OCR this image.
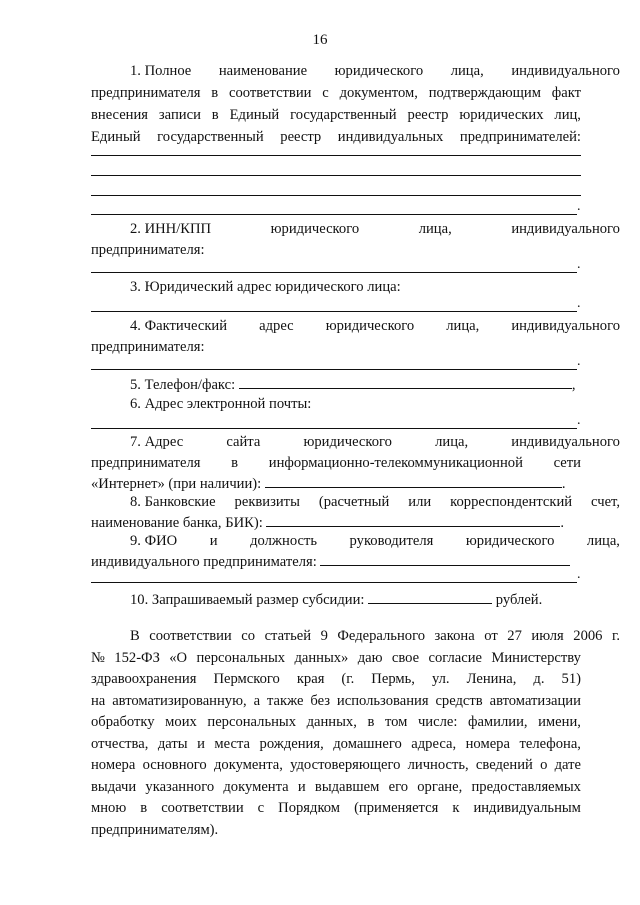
16
1. Полное наименование юридического лица, индивидуального
предпринимателя в соответствии с документом, подтверждающим факт
внесения записи в Единый государственный реестр юридических лиц,
Единый государственный реестр индивидуальных предпринимателей:
.
2. ИНН/КПП	юридического	лица,	индивидуального
предпринимателя:
.
3. Юридический адрес юридического лица:
.
4. Фактический адрес юридического лица, индивидуального
предпринимателя:
.
5. Телефон/факс:	,
6. Адрес электронной почты:
.
7. Адрес	сайта	юридического	лица,	индивидуального
предпринимателя в информационно-телекоммуникационной сети
«Интернет» (при наличии):	.
8. Банковские реквизиты (расчетный или корреспондентский счет,
наименование банка, БИК):	.
9. ФИО и должность руководителя юридического лица,
индивидуального предпринимателя:
.
10. Запрашиваемый размер субсидии:	рублей.
В соответствии со статьей 9 Федерального закона от 27 июля 2006 г.
№ 152-ФЗ «О персональных данных» даю свое согласие Министерству
здравоохранения Пермского края (г. Пермь, ул. Ленина, д. 51)
на автоматизированную, а также без использования средств автоматизации
обработку моих персональных данных, в том числе: фамилии, имени,
отчества, даты и места рождения, домашнего адреса, номера телефона,
номера основного документа, удостоверяющего личность, сведений о дате
выдачи указанного документа и выдавшем его органе, предоставляемых
мною в соответствии с Порядком (применяется к индивидуальным
предпринимателям).
